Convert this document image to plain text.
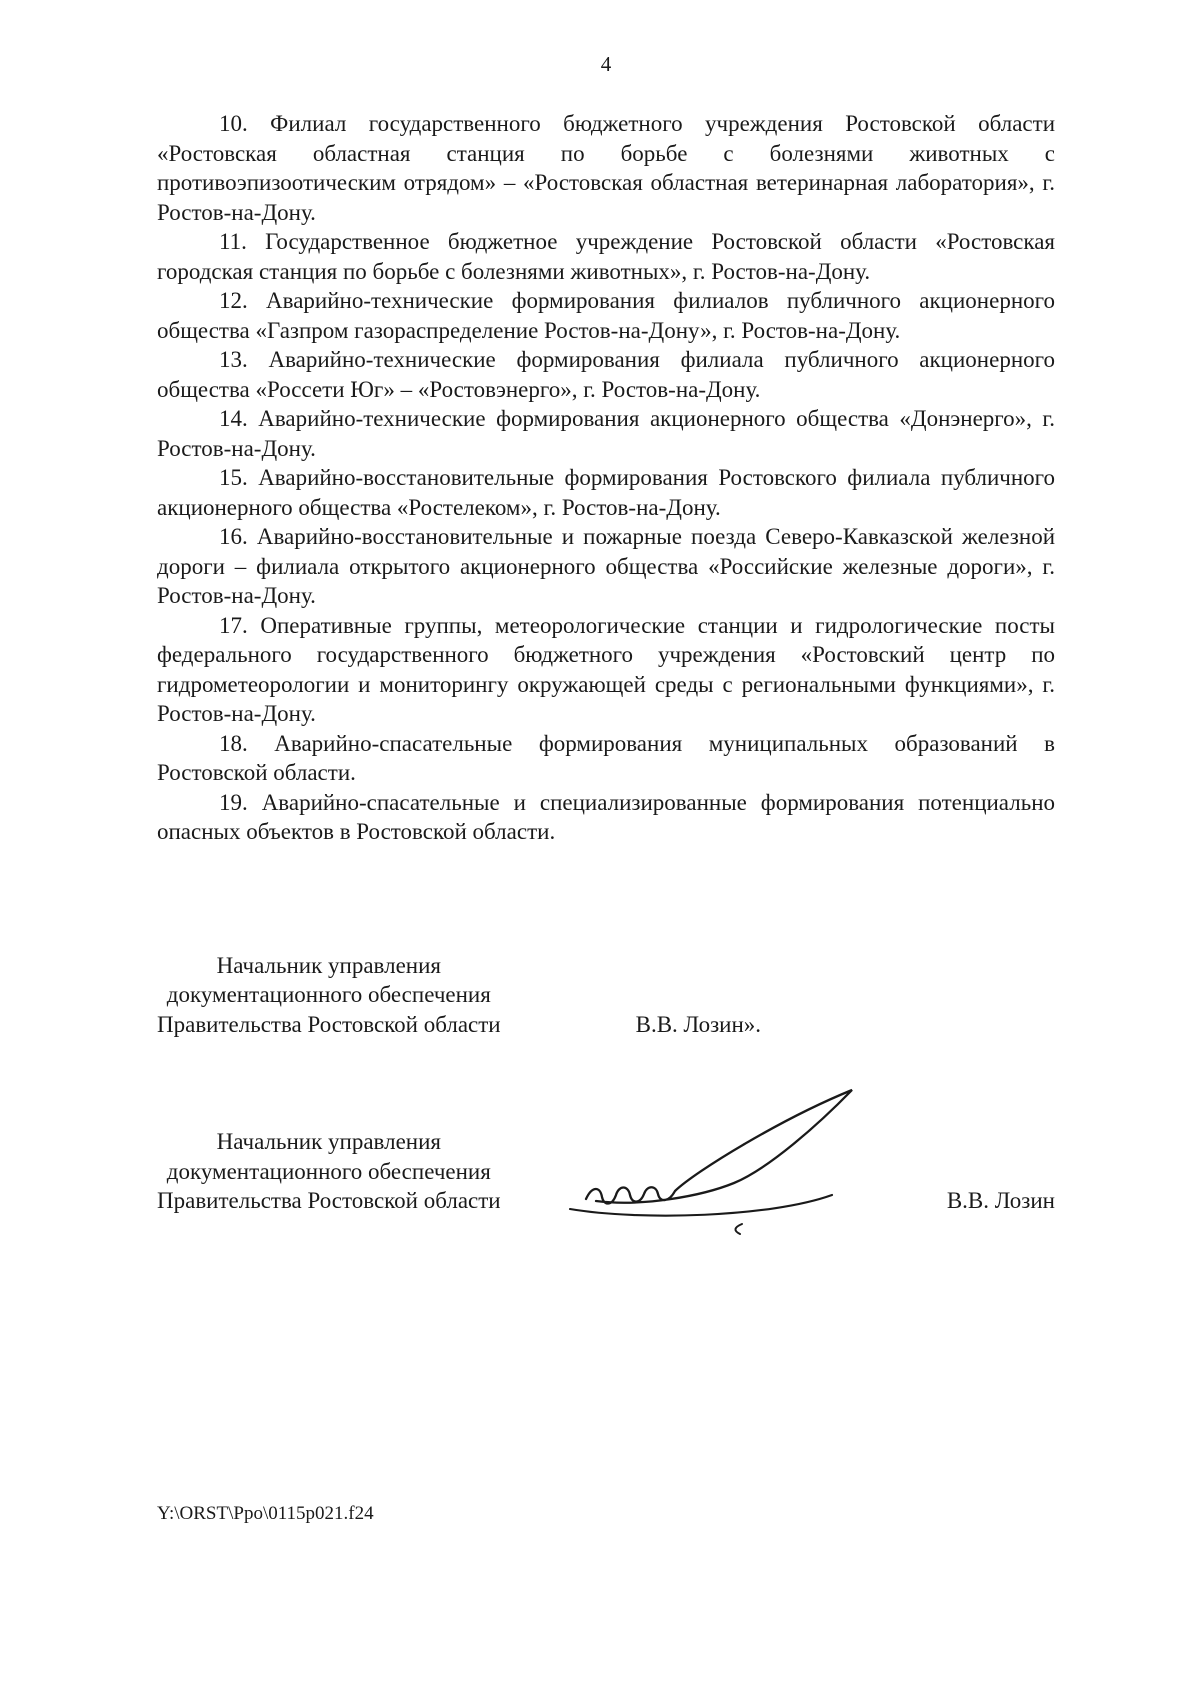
4

10. Филиал государственного бюджетного учреждения Ростовской области «Ростовская областная станция по борьбе с болезнями животных с противоэпизоотическим отрядом» – «Ростовская областная ветеринарная лаборатория», г. Ростов-на-Дону.

11. Государственное бюджетное учреждение Ростовской области «Ростовская городская станция по борьбе с болезнями животных», г. Ростов-на-Дону.

12. Аварийно-технические формирования филиалов публичного акционерного общества «Газпром газораспределение Ростов-на-Дону», г. Ростов-на-Дону.

13. Аварийно-технические формирования филиала публичного акционерного общества «Россети Юг» – «Ростовэнерго», г. Ростов-на-Дону.

14. Аварийно-технические формирования акционерного общества «Донэнерго», г. Ростов-на-Дону.

15. Аварийно-восстановительные формирования Ростовского филиала публичного акционерного общества «Ростелеком», г. Ростов-на-Дону.

16. Аварийно-восстановительные и пожарные поезда Северо-Кавказской железной дороги – филиала открытого акционерного общества «Российские железные дороги», г. Ростов-на-Дону.

17. Оперативные группы, метеорологические станции и гидрологические посты федерального государственного бюджетного учреждения «Ростовский центр по гидрометеорологии и мониторингу окружающей среды с региональными функциями», г. Ростов-на-Дону.

18. Аварийно-спасательные формирования муниципальных образований в Ростовской области.

19. Аварийно-спасательные и специализированные формирования потенциально опасных объектов в Ростовской области.

Начальник управления
документационного обеспечения
Правительства Ростовской области	В.В. Лозин».
Начальник управления
документационного обеспечения
Правительства Ростовской области	В.В. Лозин
Y:\ORST\Ppo\0115p021.f24
